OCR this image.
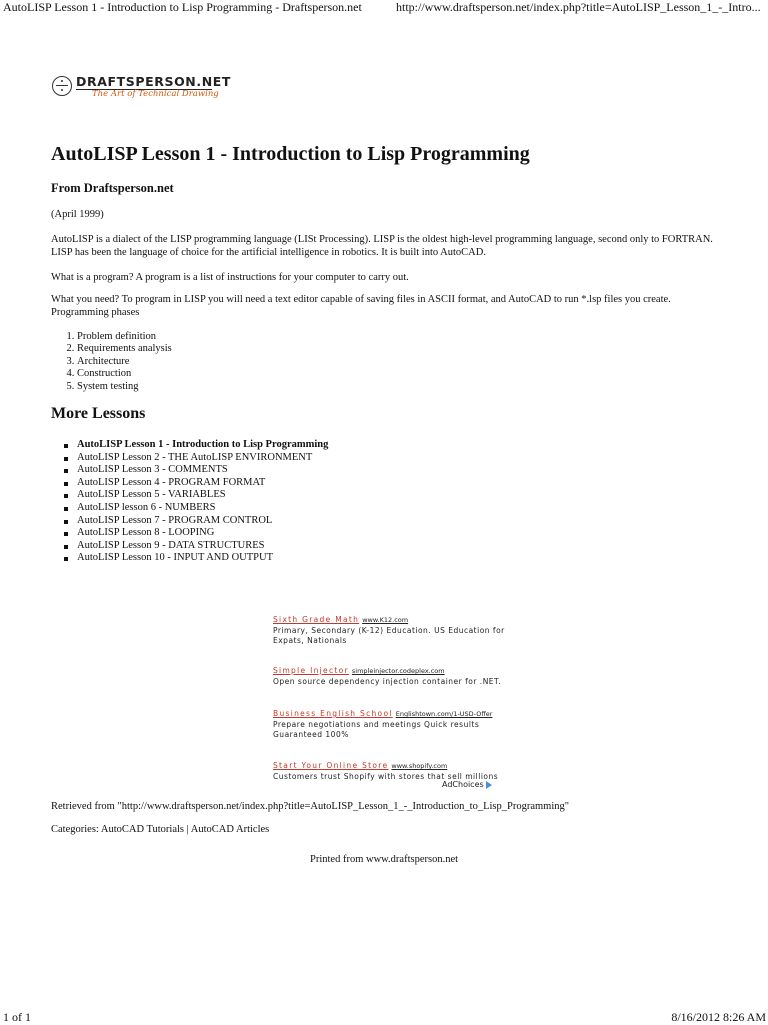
AutoLISP Lesson 1 - Introduction to Lisp Programming - Draftsperson.net	http://www.draftsperson.net/index.php?title=AutoLISP_Lesson_1_-_Intro...
DRAFTSPERSON.NET
The Art of Technical Drawing
AutoLISP Lesson 1 - Introduction to Lisp Programming
From Draftsperson.net

(April 1999)

AutoLISP is a dialect of the LISP programming language (LISt Processing). LISP is the oldest high-level programming language, second only to FORTRAN. LISP has been the language of choice for the artificial intelligence in robotics. It is built into AutoCAD.

What is a program? A program is a list of instructions for your computer to carry out.

What you need? To program in LISP you will need a text editor capable of saving files in ASCII format, and AutoCAD to run *.lsp files you create. Programming phases

1. Problem definition
2. Requirements analysis
3. Architecture
4. Construction
5. System testing
More Lessons
AutoLISP Lesson 1 - Introduction to Lisp Programming
AutoLISP Lesson 2 - THE AutoLISP ENVIRONMENT
AutoLISP Lesson 3 - COMMENTS
AutoLISP Lesson 4 - PROGRAM FORMAT
AutoLISP Lesson 5 - VARIABLES
AutoLISP lesson 6 - NUMBERS
AutoLISP Lesson 7 - PROGRAM CONTROL
AutoLISP Lesson 8 - LOOPING
AutoLISP Lesson 9 - DATA STRUCTURES
AutoLISP Lesson 10 - INPUT AND OUTPUT
Sixth Grade Math www.K12.com
Primary, Secondary (K-12) Education. US Education for Expats, Nationals
Simple Injector simpleinjector.codeplex.com
Open source dependency injection container for .NET.
Business English School Englishtown.com/1-USD-Offer
Prepare negotiations and meetings Quick results Guaranteed 100%
Start Your Online Store www.shopify.com
Customers trust Shopify with stores that sell millions
AdChoices
Retrieved from "http://www.draftsperson.net/index.php?title=AutoLISP_Lesson_1_-_Introduction_to_Lisp_Programming"
Categories: AutoCAD Tutorials | AutoCAD Articles
Printed from www.draftsperson.net
1 of 1	8/16/2012 8:26 AM
